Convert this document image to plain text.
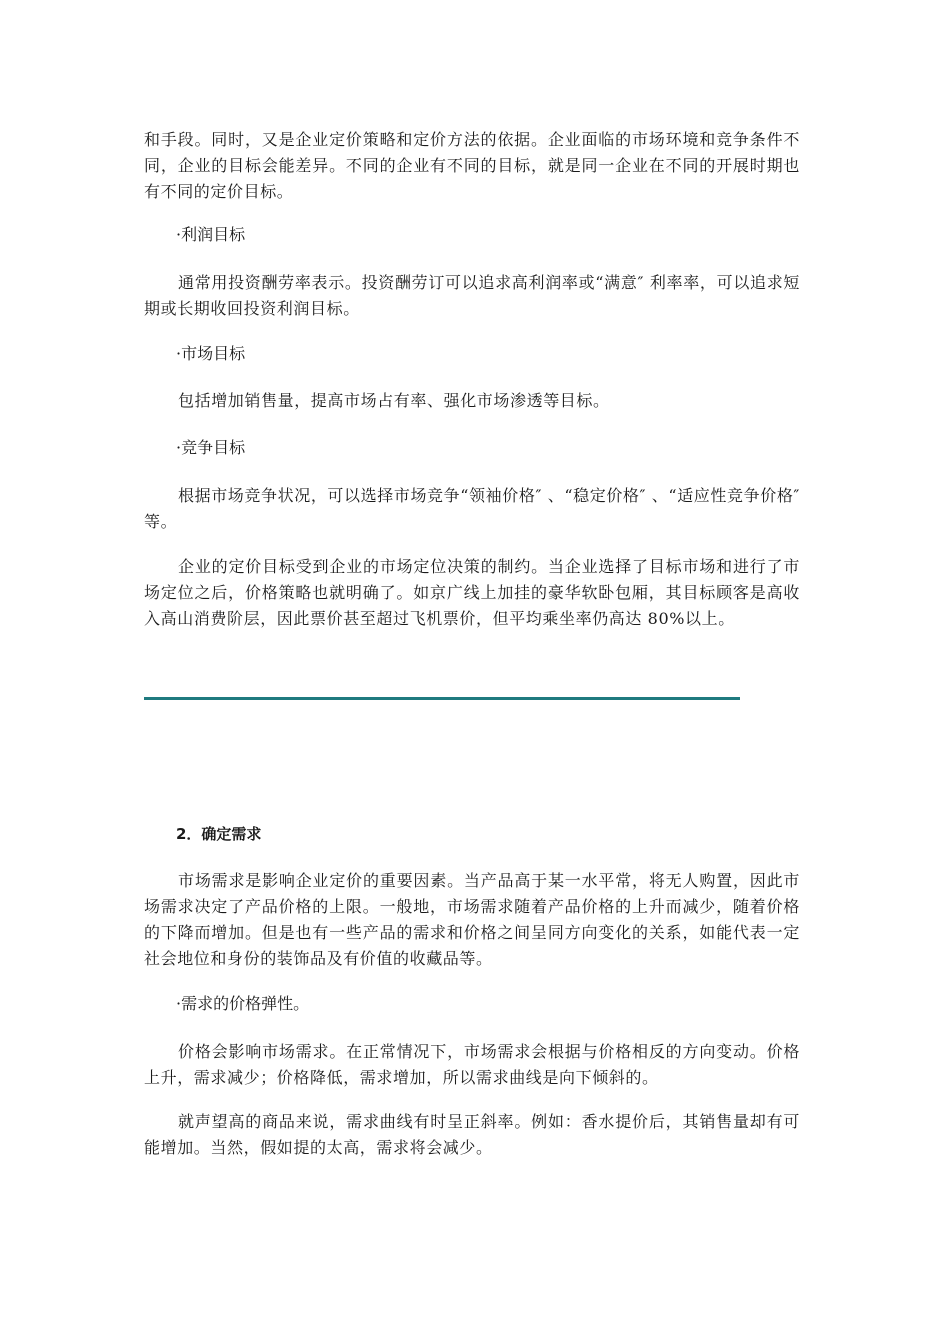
和手段。同时，又是企业定价策略和定价方法的依据。企业面临的市场环境和竞争条件不同，企业的目标会能差异。不同的企业有不同的目标，就是同一企业在不同的开展时期也有不同的定价目标。

·利润目标

通常用投资酬劳率表示。投资酬劳订可以追求高利润率或“满意″ 利率率，可以追求短期或长期收回投资利润目标。

·市场目标

包括增加销售量，提高市场占有率、强化市场渗透等目标。

·竞争目标

根据市场竞争状况，可以选择市场竞争“领袖价格″ 、“稳定价格″ 、“适应性竞争价格″ 等。

企业的定价目标受到企业的市场定位决策的制约。当企业选择了目标市场和进行了市场定位之后，价格策略也就明确了。如京广线上加挂的豪华软卧包厢，其目标顾客是高收入高山消费阶层，因此票价甚至超过飞机票价，但平均乘坐率仍高达 80%以上。

2．确定需求

市场需求是影响企业定价的重要因素。当产品高于某一水平常，将无人购置，因此市场需求决定了产品价格的上限。一般地，市场需求随着产品价格的上升而减少，随着价格的下降而增加。但是也有一些产品的需求和价格之间呈同方向变化的关系，如能代表一定社会地位和身份的装饰品及有价值的收藏品等。

·需求的价格弹性。

价格会影响市场需求。在正常情况下，市场需求会根据与价格相反的方向变动。价格上升，需求减少；价格降低，需求增加，所以需求曲线是向下倾斜的。

就声望高的商品来说，需求曲线有时呈正斜率。例如：香水提价后，其销售量却有可能增加。当然，假如提的太高，需求将会减少。
